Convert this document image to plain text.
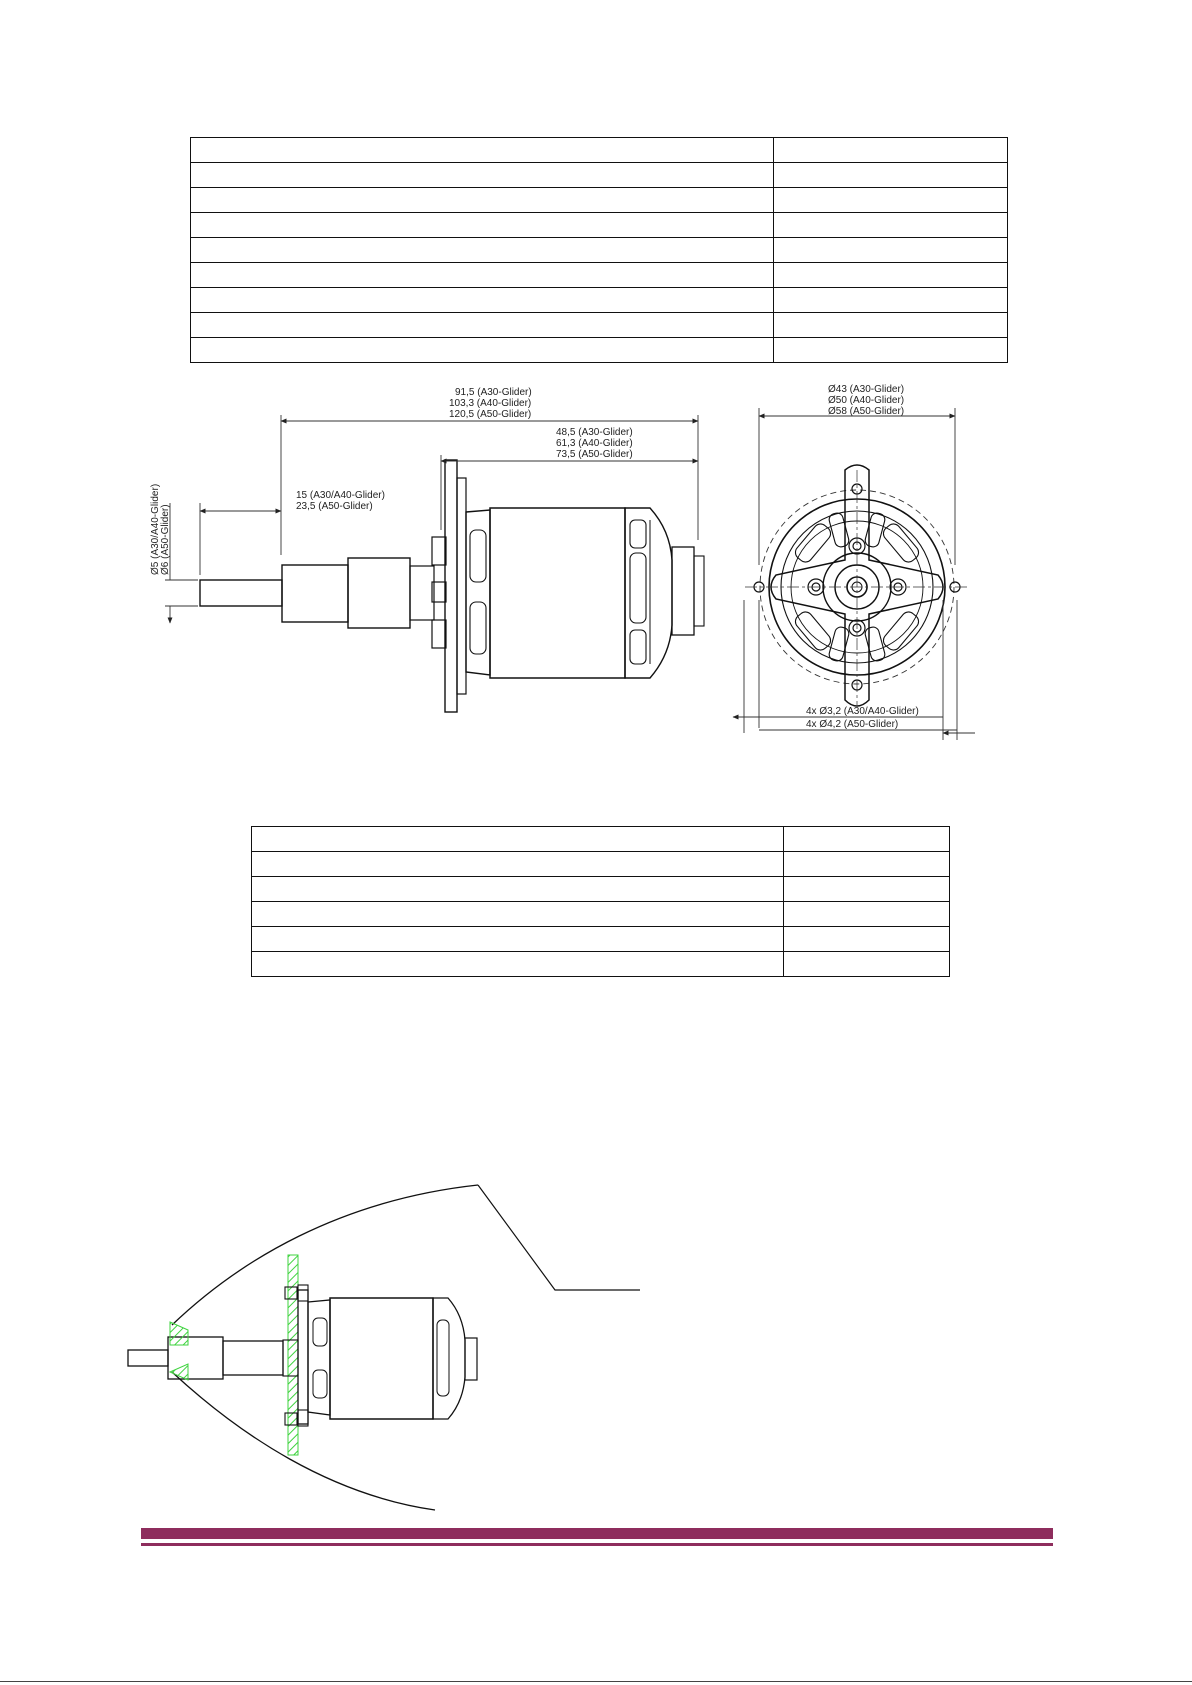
91,5 (A30-Glider)
103,3 (A40-Glider)
120,5 (A50-Glider)
48,5 (A30-Glider)
61,3 (A40-Glider)
73,5 (A50-Glider)
15 (A30/A40-Glider)
23,5 (A50-Glider)
Ø5 (A30/A40-Glider) Ø6 (A50-Glider)
Ø43 (A30-Glider)
Ø50 (A40-Glider)
Ø58 (A50-Glider)
4x Ø3,2 (A30/A40-Glider)
4x Ø4,2 (A50-Glider)
